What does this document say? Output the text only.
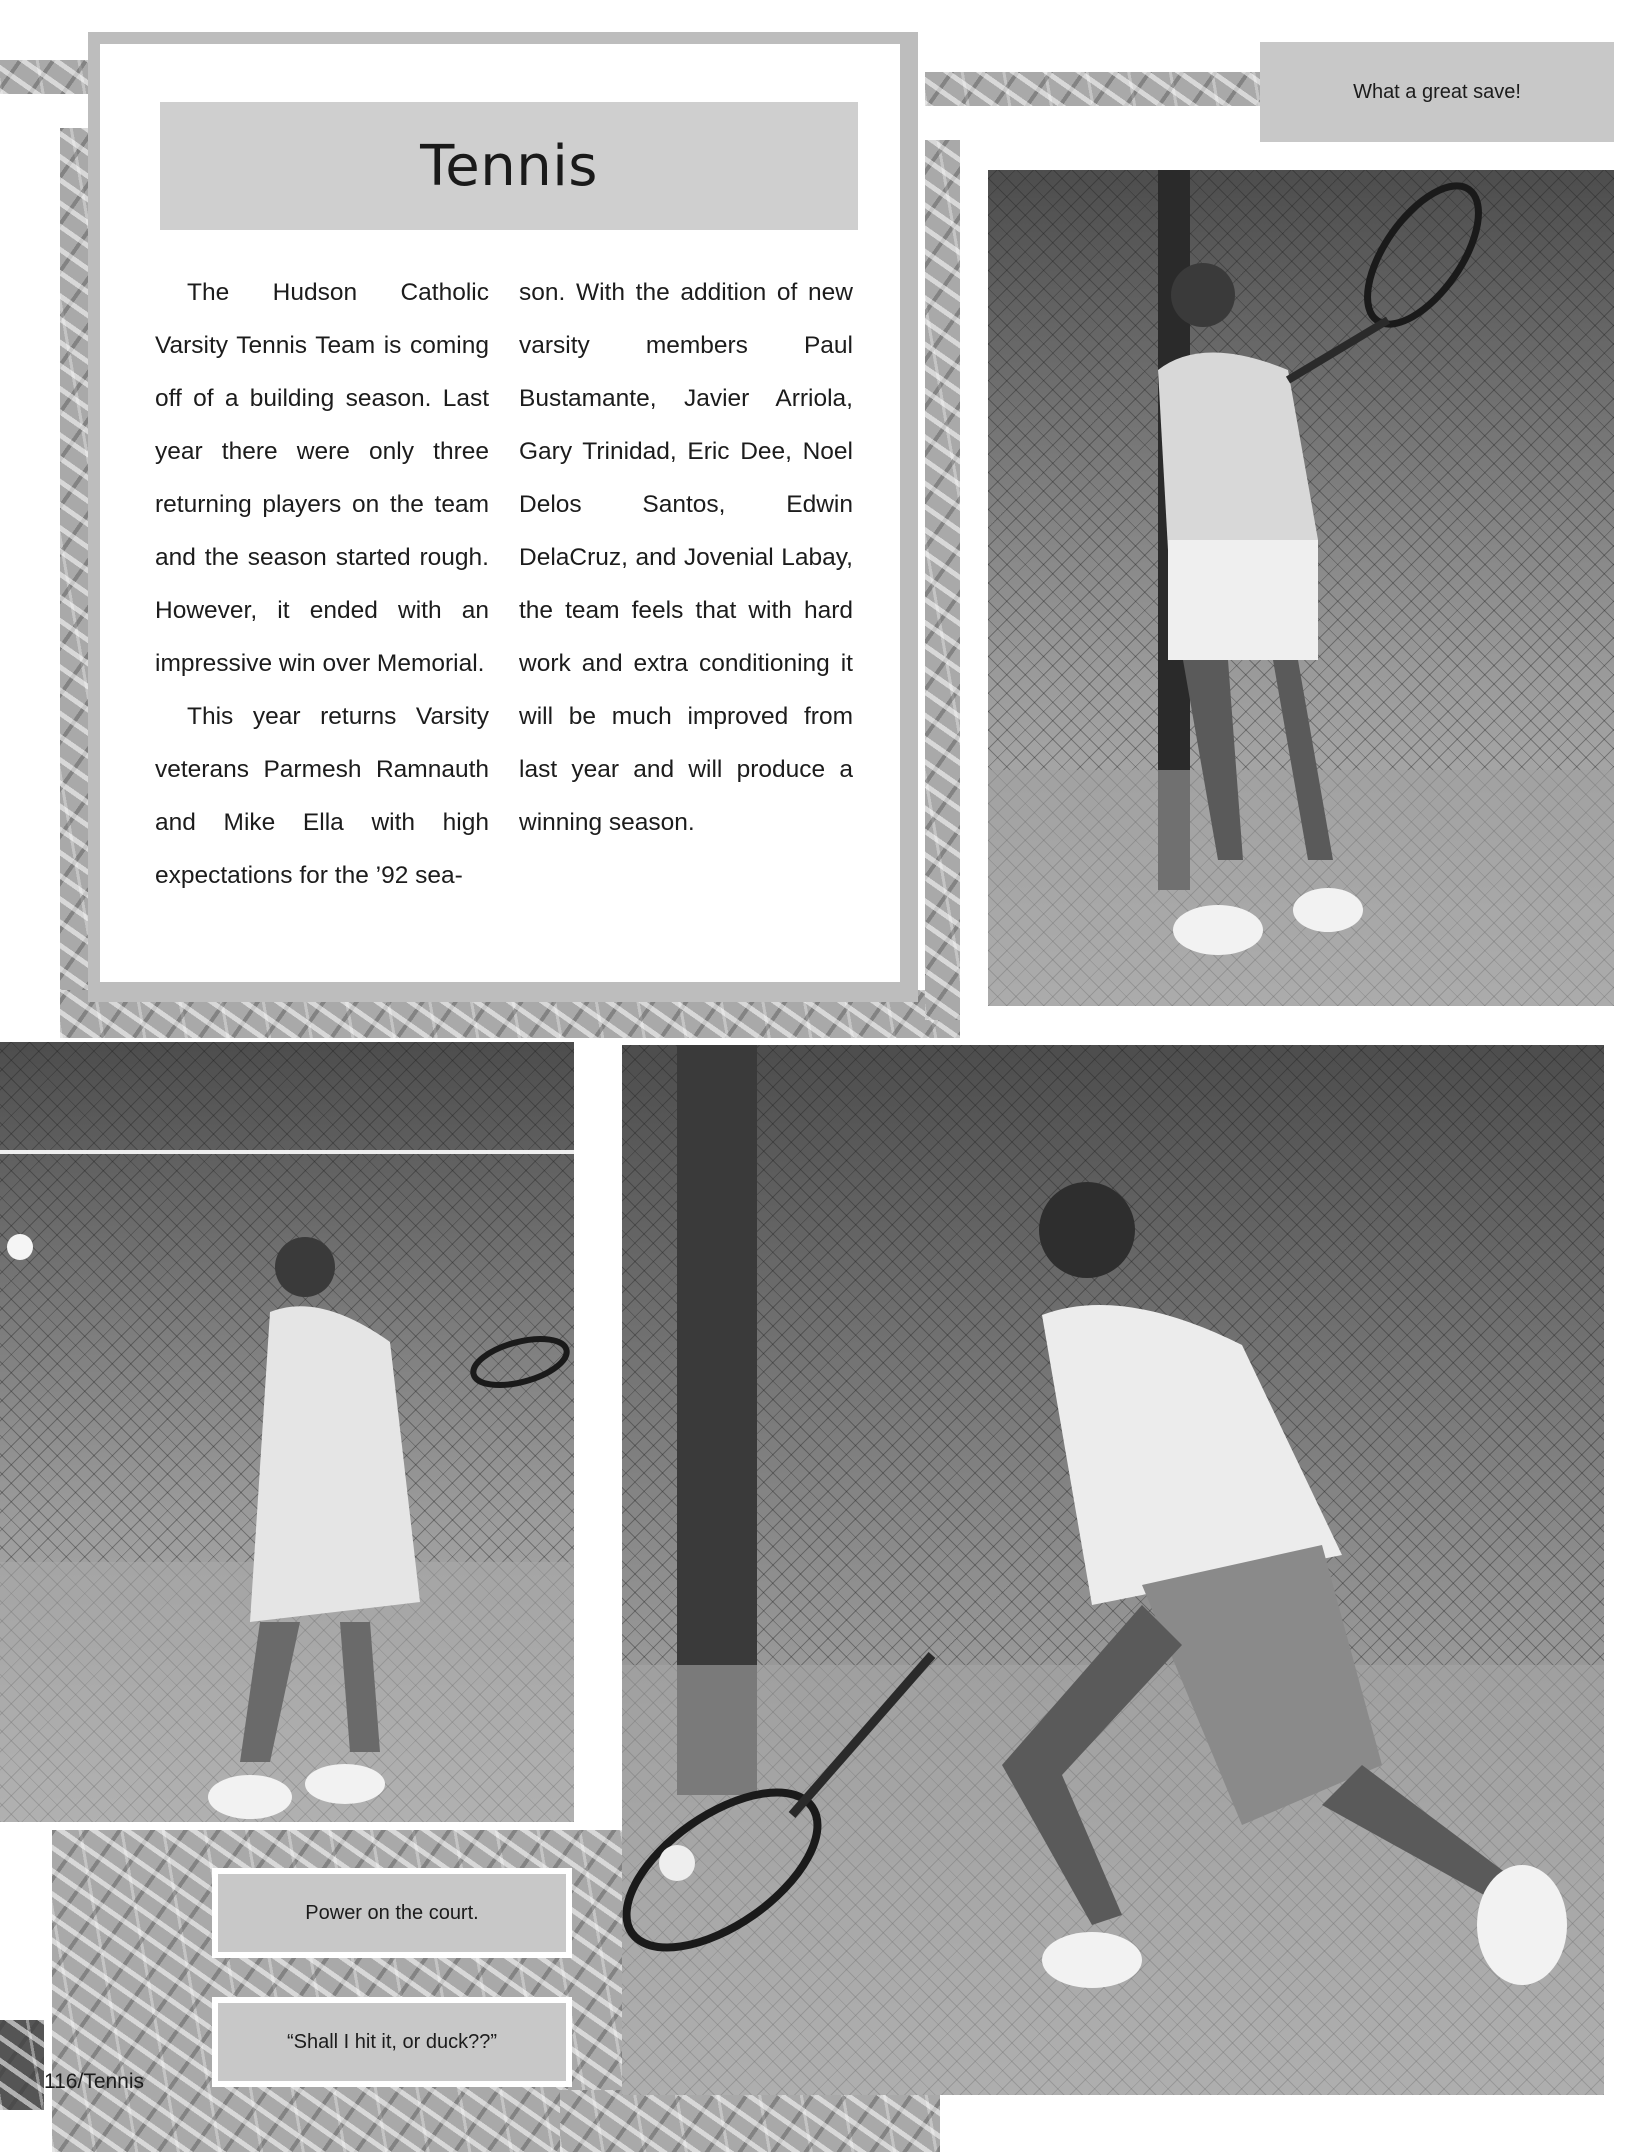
Tennis

The Hudson Catholic Varsity Tennis Team is coming off of a building season. Last year there were only three returning players on the team and the season started rough. However, it ended with an impressive win over Memorial.

This year returns Varsity veterans Parmesh Ramnauth and Mike Ella with high expectations for the ’92 sea-

son. With the addition of new varsity members Paul Bustamante, Javier Arriola, Gary Trinidad, Eric Dee, Noel Delos Santos, Edwin DelaCruz, and Jovenial Labay, the team feels that with hard work and extra conditioning it will be much improved from last year and will produce a winning season.

What a great save!
Power on the court.
“Shall I hit it, or duck??”
116/Tennis
